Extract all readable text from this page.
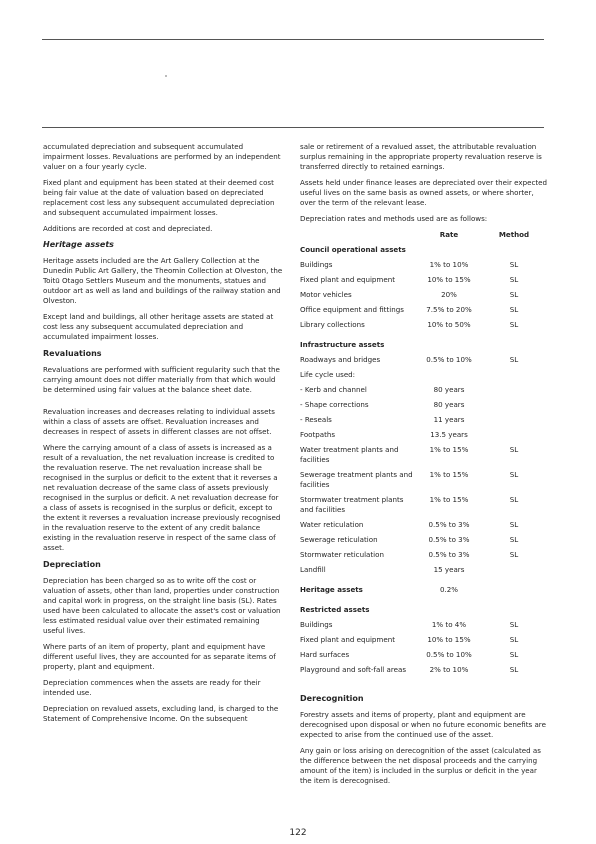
accumulated depreciation and subsequent accumulated impairment losses. Revaluations are performed by an independent valuer on a four yearly cycle.

Fixed plant and equipment has been stated at their deemed cost being fair value at the date of valuation based on depreciated replacement cost less any subsequent accumulated depreciation and subsequent accumulated impairment losses.

Additions are recorded at cost and depreciated.

Heritage assets

Heritage assets included are the Art Gallery Collection at the Dunedin Public Art Gallery, the Theomin Collection at Olveston, the Toitū Otago Settlers Museum and the monuments, statues and outdoor art as well as land and buildings of the railway station and Olveston.

Except land and buildings, all other heritage assets are stated at cost less any subsequent accumulated depreciation and accumulated impairment losses.

Revaluations

Revaluations are performed with sufficient regularity such that the carrying amount does not differ materially from that which would be determined using fair values at the balance sheet date.

Revaluation increases and decreases relating to individual assets within a class of assets are offset. Revaluation increases and decreases in respect of assets in different classes are not offset.

Where the carrying amount of a class of assets is increased as a result of a revaluation, the net revaluation increase is credited to the revaluation reserve. The net revaluation increase shall be recognised in the surplus or deficit to the extent that it reverses a net revaluation decrease of the same class of assets previously recognised in the surplus or deficit. A net revaluation decrease for a class of assets is recognised in the surplus or deficit, except to the extent it reverses a revaluation increase previously recognised in the revaluation reserve to the extent of any credit balance existing in the revaluation reserve in respect of the same class of asset.

Depreciation

Depreciation has been charged so as to write off the cost or valuation of assets, other than land, properties under construction and capital work in progress, on the straight line basis (SL). Rates used have been calculated to allocate the asset's cost or valuation less estimated residual value over their estimated remaining useful lives.

Where parts of an item of property, plant and equipment have different useful lives, they are accounted for as separate items of property, plant and equipment.

Depreciation commences when the assets are ready for their intended use.

Depreciation on revalued assets, excluding land, is charged to the Statement of Comprehensive Income. On the subsequent

sale or retirement of a revalued asset, the attributable revaluation surplus remaining in the appropriate property revaluation reserve is transferred directly to retained earnings.

Assets held under finance leases are depreciated over their expected useful lives on the same basis as owned assets, or where shorter, over the term of the relevant lease.

Depreciation rates and methods used are as follows:

	Rate	Method
Council operational assets		
Buildings	1% to 10%	SL
Fixed plant and equipment	10% to 15%	SL
Motor vehicles	20%	SL
Office equipment and fittings	7.5% to 20%	SL
Library collections	10% to 50%	SL

Infrastructure assets		
Roadways and bridges	0.5% to 10%	SL
Life cycle used:		
- Kerb and channel	80 years	
- Shape corrections	80 years	
- Reseals	11 years	
Footpaths	13.5 years	
Water treatment plants and facilities	1% to 15%	SL
Sewerage treatment plants and facilities	1% to 15%	SL
Stormwater treatment plants and facilities	1% to 15%	SL
Water reticulation	0.5% to 3%	SL
Sewerage reticulation	0.5% to 3%	SL
Stormwater reticulation	0.5% to 3%	SL
Landfill	15 years	

Heritage assets	0.2%	

Restricted assets		
Buildings	1% to 4%	SL
Fixed plant and equipment	10% to 15%	SL
Hard surfaces	0.5% to 10%	SL
Playground and soft-fall areas	2% to 10%	SL
Derecognition

Forestry assets and items of property, plant and equipment are derecognised upon disposal or when no future economic benefits are expected to arise from the continued use of the asset.

Any gain or loss arising on derecognition of the asset (calculated as the difference between the net disposal proceeds and the carrying amount of the item) is included in the surplus or deficit in the year the item is derecognised.

122
